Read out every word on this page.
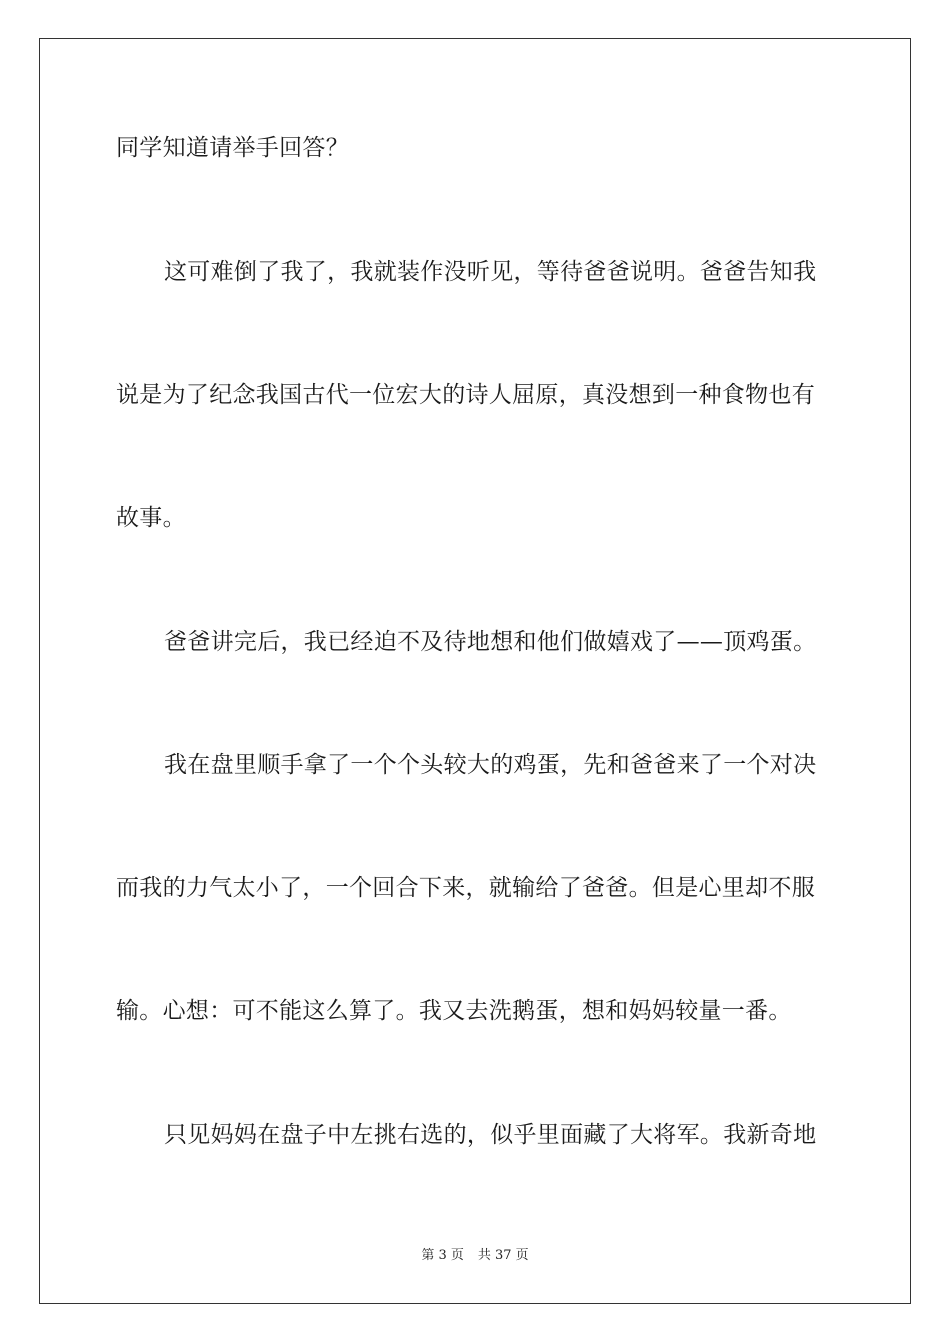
同学知道请举手回答？
这可难倒了我了，我就装作没听见，等待爸爸说明。爸爸告知我
说是为了纪念我国古代一位宏大的诗人屈原，真没想到一种食物也有
故事。
爸爸讲完后，我已经迫不及待地想和他们做嬉戏了——顶鸡蛋。
我在盘里顺手拿了一个个头较大的鸡蛋，先和爸爸来了一个对决
而我的力气太小了，一个回合下来，就输给了爸爸。但是心里却不服
输。心想：可不能这么算了。我又去洗鹅蛋，想和妈妈较量一番。
只见妈妈在盘子中左挑右选的，似乎里面藏了大将军。我新奇地
第 3 页 共 37 页
